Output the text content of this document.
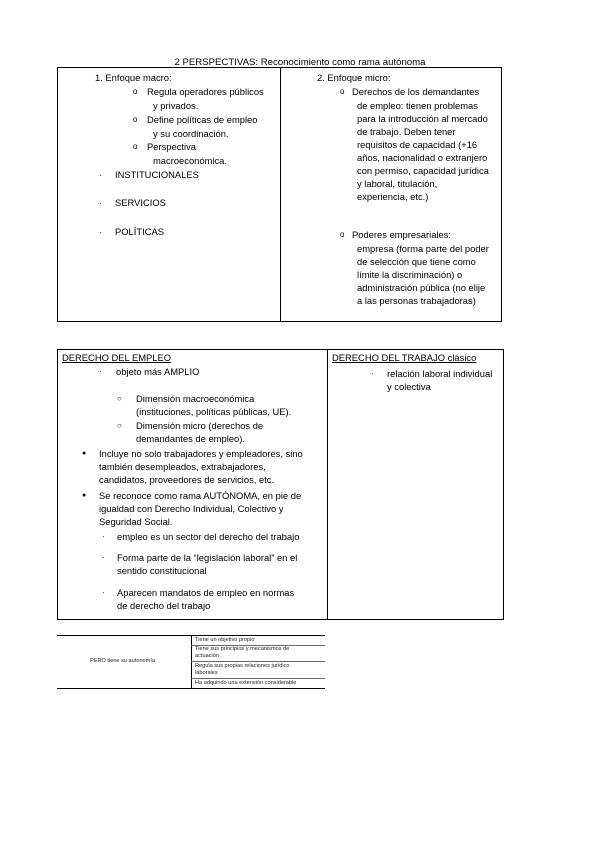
2 PERSPECTIVAS: Reconocimiento como rama autónoma
1. Enfoque macro:
o Regula operadores públicos
y privados.
o Define políticas de empleo
y su coordinación.
o Perspectiva
macroeconómica.
· INSTITUCIONALES
· SERVICIOS
· POLÍTICAS
2. Enfoque micro:
o Derechos de los demandantes
de empleo: tienen problemas
para la introducción al mercado
de trabajo. Deben tener
requisitos de capacidad (+16
años, nacionalidad o extranjero
con permiso, capacidad jurídica
y laboral, titulación,
experiencia, etc.)
o Poderes empresariales:
empresa (forma parte del poder
de selección que tiene como
límite la discriminación) o
administración pública (no elije
a las personas trabajadoras)
DERECHO DEL EMPLEO	DERECHO DEL TRABAJO clásico
· objeto más AMPLIO
○ Dimensión macroeconómica
(instituciones, políticas públicas, UE).
○ Dimensión micro (derechos de
demandantes de empleo).
● Incluye no solo trabajadores y empleadores, sino
también desempleados, extrabajadores,
candidatos, proveedores de servicios, etc.
● Se reconoce como rama AUTÓNOMA, en pie de
igualdad con Derecho Individual, Colectivo y
Seguridad Social.
· empleo es un sector del derecho del trabajo
· Forma parte de la “legislación laboral” en el
sentido constitucional
· Aparecen mandatos de empleo en normas
de derecho del trabajo
· relación laboral individual
y colectiva
PERO tiene su autonomía
Tiene un objetivo propio
Tiene sus principios y mecanismos de
actuación
Regula sus propias relaciones jurídico
laborales
Ha adquirido una extensión considerable
